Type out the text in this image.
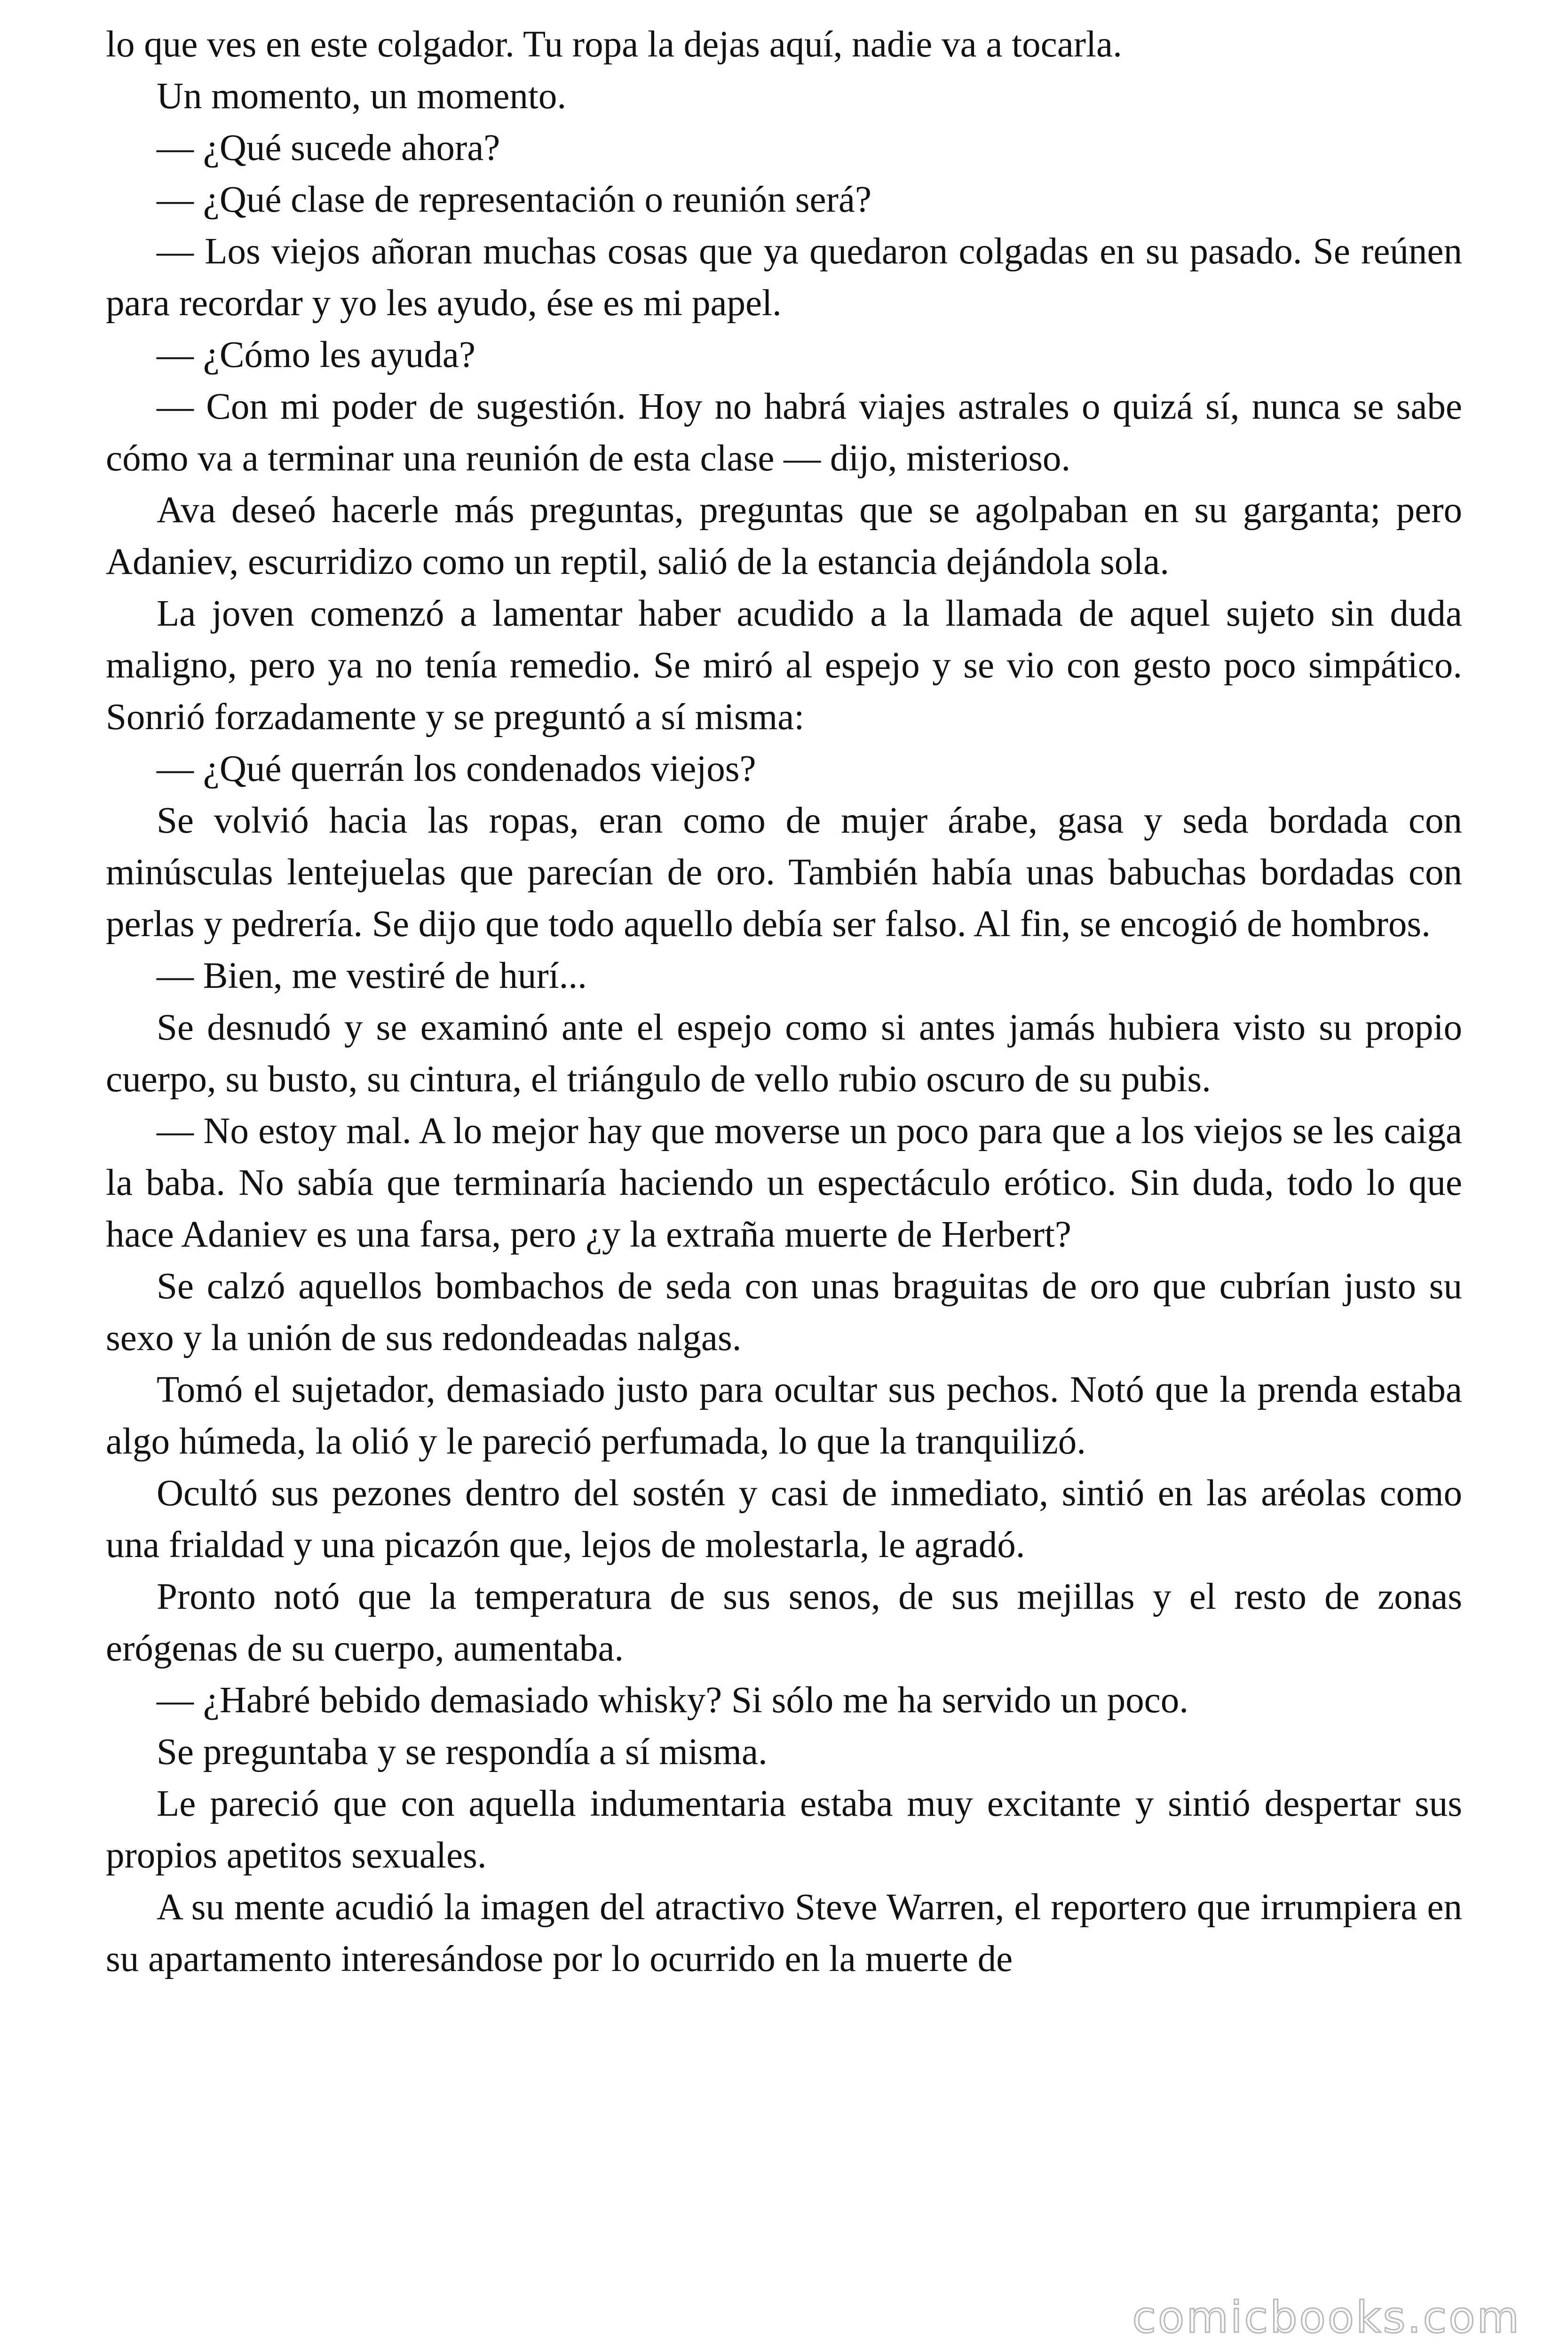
lo que ves en este colgador. Tu ropa la dejas aquí, nadie va a tocarla.

Un momento, un momento.

— ¿Qué sucede ahora?

— ¿Qué clase de representación o reunión será?

— Los viejos añoran muchas cosas que ya quedaron colgadas en su pasado. Se reúnen para recordar y yo les ayudo, ése es mi papel.

— ¿Cómo les ayuda?

— Con mi poder de sugestión. Hoy no habrá viajes astrales o quizá sí, nunca se sabe cómo va a terminar una reunión de esta clase — dijo, misterioso.

Ava deseó hacerle más preguntas, preguntas que se agolpaban en su garganta; pero Adaniev, escurridizo como un reptil, salió de la estancia dejándola sola.

La joven comenzó a lamentar haber acudido a la llamada de aquel sujeto sin duda maligno, pero ya no tenía remedio. Se miró al espejo y se vio con gesto poco simpático. Sonrió forzadamente y se preguntó a sí misma:

— ¿Qué querrán los condenados viejos?

Se volvió hacia las ropas, eran como de mujer árabe, gasa y seda bordada con minúsculas lentejuelas que parecían de oro. También había unas babuchas bordadas con perlas y pedrería. Se dijo que todo aquello debía ser falso. Al fin, se encogió de hombros.

— Bien, me vestiré de hurí...

Se desnudó y se examinó ante el espejo como si antes jamás hubiera visto su propio cuerpo, su busto, su cintura, el triángulo de vello rubio oscuro de su pubis.

— No estoy mal. A lo mejor hay que moverse un poco para que a los viejos se les caiga la baba. No sabía que terminaría haciendo un espectáculo erótico. Sin duda, todo lo que hace Adaniev es una farsa, pero ¿y la extraña muerte de Herbert?

Se calzó aquellos bombachos de seda con unas braguitas de oro que cubrían justo su sexo y la unión de sus redondeadas nalgas.

Tomó el sujetador, demasiado justo para ocultar sus pechos. Notó que la prenda estaba algo húmeda, la olió y le pareció perfumada, lo que la tranquilizó.

Ocultó sus pezones dentro del sostén y casi de inmediato, sintió en las aréolas como una frialdad y una picazón que, lejos de molestarla, le agradó.

Pronto notó que la temperatura de sus senos, de sus mejillas y el resto de zonas erógenas de su cuerpo, aumentaba.

— ¿Habré bebido demasiado whisky? Si sólo me ha servido un poco.

Se preguntaba y se respondía a sí misma.

Le pareció que con aquella indumentaria estaba muy excitante y sintió despertar sus propios apetitos sexuales.

A su mente acudió la imagen del atractivo Steve Warren, el reportero que irrumpiera en su apartamento interesándose por lo ocurrido en la muerte de

comicbooks.com
